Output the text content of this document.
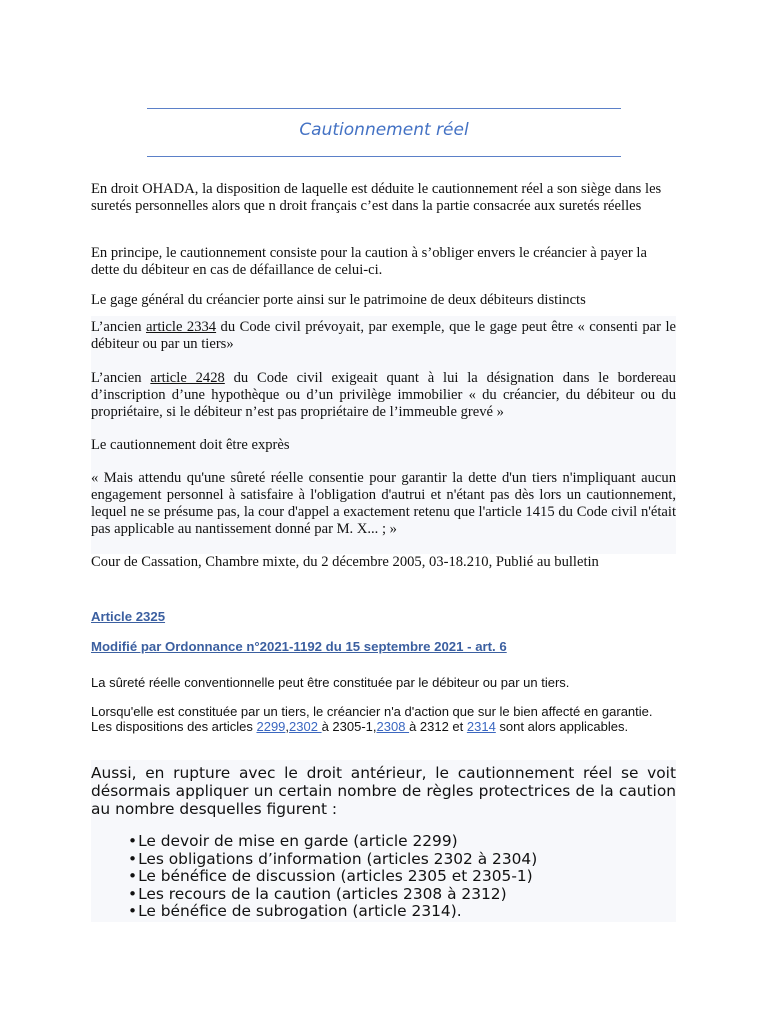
Cautionnement réel

En droit OHADA, la disposition de laquelle est déduite le cautionnement réel a son siège dans les suretés personnelles alors que n droit français c’est dans la partie consacrée aux suretés réelles

En principe, le cautionnement consiste pour la caution à s’obliger envers le créancier à payer la dette du débiteur en cas de défaillance de celui-ci.

Le gage général du créancier porte ainsi sur le patrimoine de deux débiteurs distincts

L’ancien article 2334 du Code civil prévoyait, par exemple, que le gage peut être « consenti par le débiteur ou par un tiers»

L’ancien article 2428 du Code civil exigeait quant à lui la désignation dans le bordereau d’inscription d’une hypothèque ou d’un privilège immobilier « du créancier, du débiteur ou du propriétaire, si le débiteur n’est pas propriétaire de l’immeuble grevé »

Le cautionnement doit être exprès

« Mais attendu qu'une sûreté réelle consentie pour garantir la dette d'un tiers n'impliquant aucun engagement personnel à satisfaire à l'obligation d'autrui et n'étant pas dès lors un cautionnement, lequel ne se présume pas, la cour d'appel a exactement retenu que l'article 1415 du Code civil n'était pas applicable au nantissement donné par M. X... ; »

Cour de Cassation, Chambre mixte, du 2 décembre 2005, 03-18.210, Publié au bulletin

Article 2325

Modifié par Ordonnance n°2021-1192 du 15 septembre 2021 - art. 6

La sûreté réelle conventionnelle peut être constituée par le débiteur ou par un tiers.

Lorsqu'elle est constituée par un tiers, le créancier n'a d'action que sur le bien affecté en garantie. Les dispositions des articles 2299,2302 à 2305-1,2308 à 2312 et 2314 sont alors applicables.

Aussi, en rupture avec le droit antérieur, le cautionnement réel se voit désormais appliquer un certain nombre de règles protectrices de la caution au nombre desquelles figurent :

• Le devoir de mise en garde (article 2299)
• Les obligations d’information (articles 2302 à 2304)
• Le bénéfice de discussion (articles 2305 et 2305-1)
• Les recours de la caution (articles 2308 à 2312)
• Le bénéfice de subrogation (article 2314).
